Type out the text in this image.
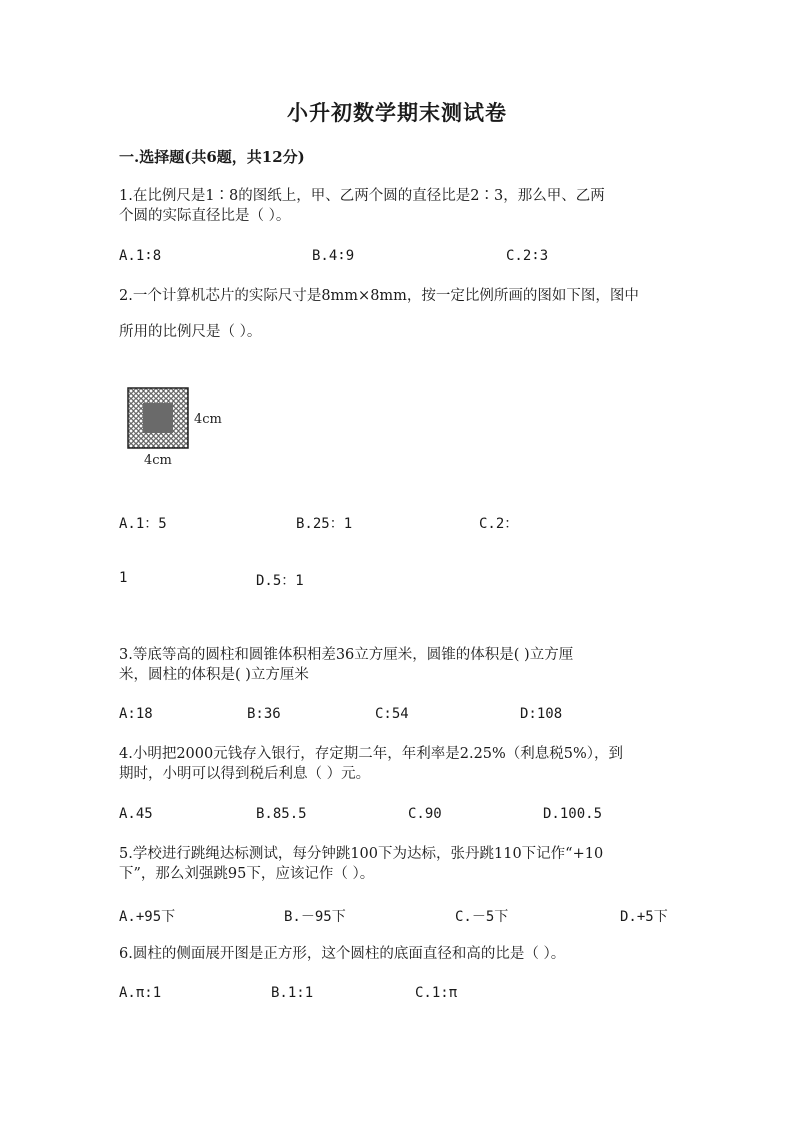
小升初数学期末测试卷
一.选择题(共6题，共12分)
1.在比例尺是1∶8的图纸上，甲、乙两个圆的直径比是2∶3，那么甲、乙两
个圆的实际直径比是（ ）。
A.1∶8	B.4∶9	C.2∶3
2.一个计算机芯片的实际尺寸是8mm×8mm，按一定比例所画的图如下图，图中
所用的比例尺是（ ）。
4cm
4cm
A.1：5	B.25：1	C.2：
1	D.5：1
3.等底等高的圆柱和圆锥体积相差36立方厘米，圆锥的体积是( )立方厘
米，圆柱的体积是( )立方厘米
A:18	B:36	C:54	D:108
4.小明把2000元钱存入银行，存定期二年，年利率是2.25%（利息税5%），到
期时，小明可以得到税后利息（ ）元。
A.45	B.85.5	C.90	D.100.5
5.学校进行跳绳达标测试，每分钟跳100下为达标，张丹跳110下记作“+10
下”，那么刘强跳95下，应该记作（ ）。
A.+95下	B.－95下	C.－5下	D.+5下
6.圆柱的侧面展开图是正方形，这个圆柱的底面直径和高的比是（ ）。
A.π:1	B.1:1	C.1:π
